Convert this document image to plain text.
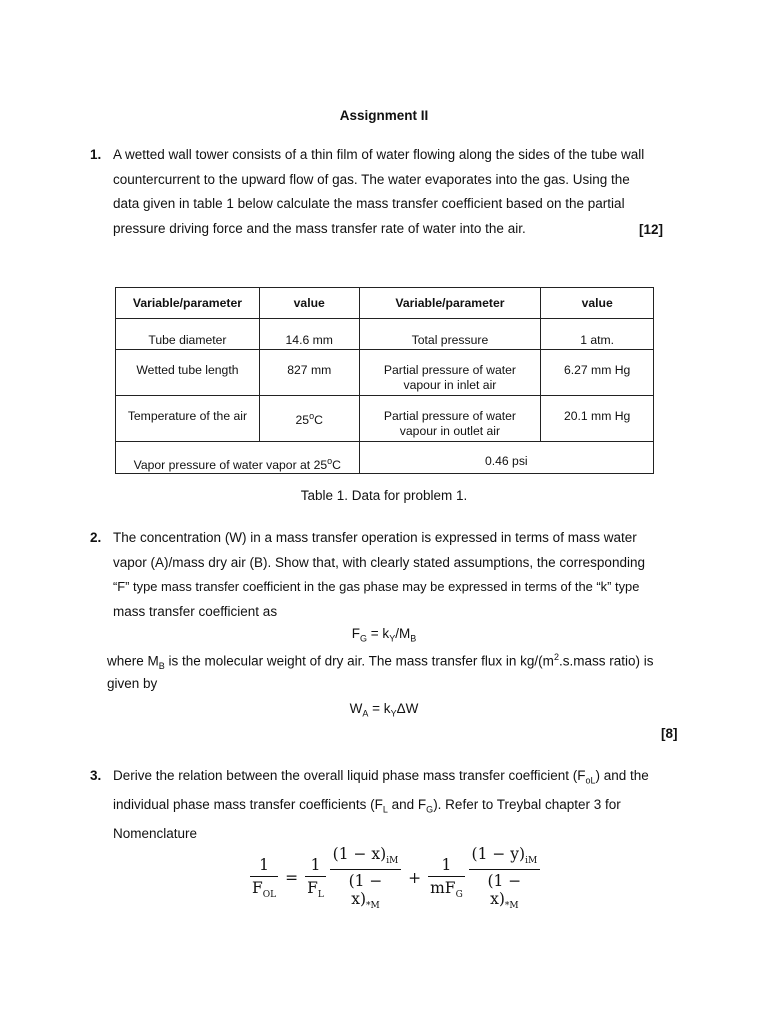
Assignment II
1. A wetted wall tower consists of a thin film of water flowing along the sides of the tube wall
countercurrent to the upward flow of gas. The water evaporates into the gas. Using the
data given in table 1 below calculate the mass transfer coefficient based on the partial
pressure driving force and the mass transfer rate of water into the air.	[12]
Variable/parameter	value	Variable/parameter	value
Tube diameter	14.6 mm	Total pressure	1 atm.
Wetted tube length	827 mm	Partial pressure of water vapour in inlet air	6.27 mm Hg
Temperature of the air	25$^o$C	Partial pressure of water vapour in outlet air	20.1 mm Hg
Vapor pressure of water vapor at 25$^o$C		0.46 psi	
Table 1. Data for problem 1.
2. The concentration (W) in a mass transfer operation is expressed in terms of mass water
vapor (A)/mass dry air (B). Show that, with clearly stated assumptions, the corresponding
“F” type mass transfer coefficient in the gas phase may be expressed in terms of the “k” type
mass transfer coefficient as
$F_G = k_Y/M_B$
where $M_B$ is the molecular weight of dry air. The mass transfer flux in $kg/(m^2.s.mass$ ratio) is
given by
$W_A = k_Y\Delta W$
[8]
3. Derive the relation between the overall liquid phase mass transfer coefficient $(F_{oL})$ and the
individual phase mass transfer coefficients ($F_L$ and $F_G$). Refer to Treybal chapter 3 for
Nomenclature
$\frac{1}{F_{OL}} = \frac{1}{F_L} \frac{(1 - x)_{iM}}{(1 - x)_{*M}} + \frac{1}{mF_G} \frac{(1 - y)_{iM}}{(1 - x)_{*M}}$
